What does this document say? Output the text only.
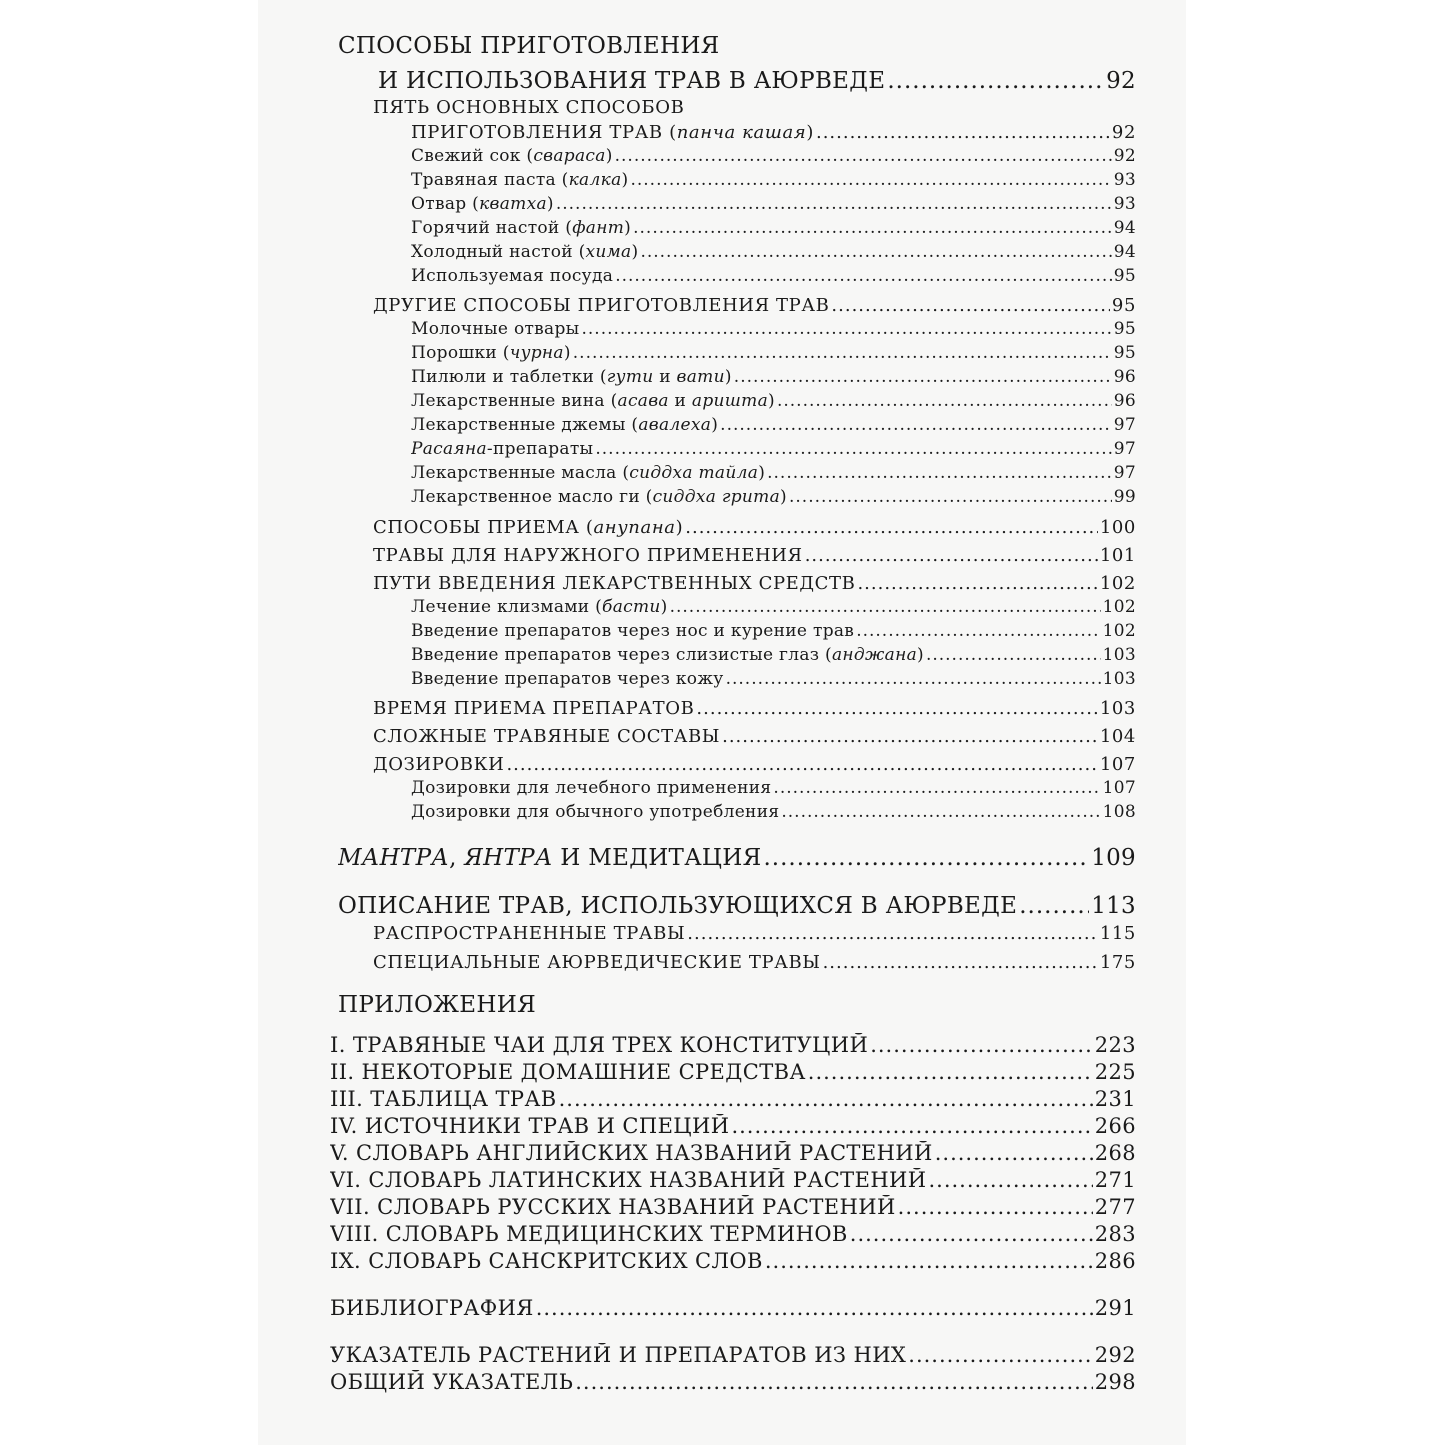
СПОСОБЫ ПРИГОТОВЛЕНИЯ
И ИСПОЛЬЗОВАНИЯ ТРАВ В АЮРВЕДЕ .....	92
ПЯТЬ ОСНОВНЫХ СПОСОБОВ
ПРИГОТОВЛЕНИЯ ТРАВ (панча кашая) .....	92
Свежий сок (свараса) .....	92
Травяная паста (калка) .....	93
Отвар (кватха) .....	93
Горячий настой (фант) .....	94
Холодный настой (хима) .....	94
Используемая посуда .....	95
ДРУГИЕ СПОСОБЫ ПРИГОТОВЛЕНИЯ ТРАВ .....	95
Молочные отвары .....	95
Порошки (чурна) .....	95
Пилюли и таблетки (гути и вати) .....	96
Лекарственные вина (асава и аришта) .....	96
Лекарственные джемы (авалеха) .....	97
Расаяна-препараты .....	97
Лекарственные масла (сиддха тайла) .....	97
Лекарственное масло ги (сиддха грита) .....	99
СПОСОБЫ ПРИЕМА (анупана) .....	100
ТРАВЫ ДЛЯ НАРУЖНОГО ПРИМЕНЕНИЯ .....	101
ПУТИ ВВЕДЕНИЯ ЛЕКАРСТВЕННЫХ СРЕДСТВ .....	102
Лечение клизмами (басти) .....	102
Введение препаратов через нос и курение трав .....	102
Введение препаратов через слизистые глаз (анджана) .....	103
Введение препаратов через кожу .....	103
ВРЕМЯ ПРИЕМА ПРЕПАРАТОВ .....	103
СЛОЖНЫЕ ТРАВЯНЫЕ СОСТАВЫ .....	104
ДОЗИРОВКИ .....	107
Дозировки для лечебного применения .....	107
Дозировки для обычного употребления .....	108
МАНТРА, ЯНТРА И МЕДИТАЦИЯ .....	109
ОПИСАНИЕ ТРАВ, ИСПОЛЬЗУЮЩИХСЯ В АЮРВЕДЕ .....	113
РАСПРОСТРАНЕННЫЕ ТРАВЫ .....	115
СПЕЦИАЛЬНЫЕ АЮРВЕДИЧЕСКИЕ ТРАВЫ .....	175
ПРИЛОЖЕНИЯ
I. ТРАВЯНЫЕ ЧАИ ДЛЯ ТРЕХ КОНСТИТУЦИЙ .....	223
II. НЕКОТОРЫЕ ДОМАШНИЕ СРЕДСТВА .....	225
III. ТАБЛИЦА ТРАВ .....	231
IV. ИСТОЧНИКИ ТРАВ И СПЕЦИЙ .....	266
V. СЛОВАРЬ АНГЛИЙСКИХ НАЗВАНИЙ РАСТЕНИЙ .....	268
VI. СЛОВАРЬ ЛАТИНСКИХ НАЗВАНИЙ РАСТЕНИЙ .....	271
VII. СЛОВАРЬ РУССКИХ НАЗВАНИЙ РАСТЕНИЙ .....	277
VIII. СЛОВАРЬ МЕДИЦИНСКИХ ТЕРМИНОВ .....	283
IX. СЛОВАРЬ САНСКРИТСКИХ СЛОВ .....	286
БИБЛИОГРАФИЯ .....	291
УКАЗАТЕЛЬ РАСТЕНИЙ И ПРЕПАРАТОВ ИЗ НИХ .....	292
ОБЩИЙ УКАЗАТЕЛЬ .....	298
